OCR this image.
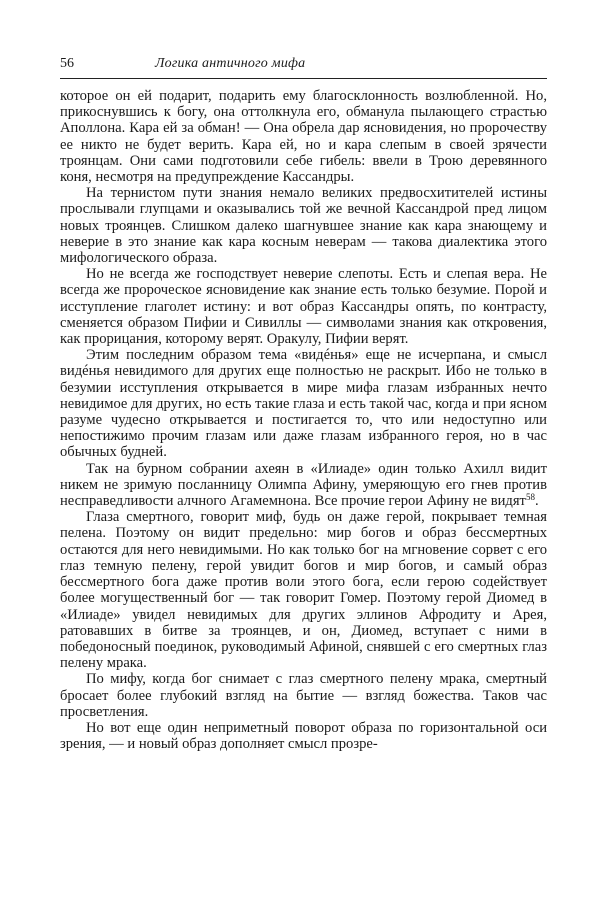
56	Логика античного мифа

которое он ей подарит, подарить ему благосклонность возлюбленной. Но, прикоснувшись к богу, она оттолкнула его, обманула пылающего страстью Аполлона. Кара ей за обман! — Она обрела дар ясновидения, но пророчеству ее никто не будет верить. Кара ей, но и кара слепым в своей зрячести троянцам. Они сами подготовили себе гибель: ввели в Трою деревянного коня, несмотря на предупреждение Кассандры.

На тернистом пути знания немало великих предвосхитителей истины прослывали глупцами и оказывались той же вечной Кассандрой пред лицом новых троянцев. Слишком далеко шагнувшее знание как кара знающему и неверие в это знание как кара косным неверам — такова диалектика этого мифологического образа.

Но не всегда же господствует неверие слепоты. Есть и слепая вера. Не всегда же пророческое ясновидение как знание есть только безумие. Порой и исступление глаголет истину: и вот образ Кассандры опять, по контрасту, сменяется образом Пифии и Сивиллы — символами знания как откровения, как прорицания, которому верят. Оракулу, Пифии верят.

Этим последним образом тема «видéнья» еще не исчерпана, и смысл видéнья невидимого для других еще полностью не раскрыт. Ибо не только в безумии исступления открывается в мире мифа глазам избранных нечто невидимое для других, но есть такие глаза и есть такой час, когда и при ясном разуме чудесно открывается и постигается то, что или недоступно или непостижимо прочим глазам или даже глазам избранного героя, но в час обычных будней.

Так на бурном собрании ахеян в «Илиаде» один только Ахилл видит никем не зримую посланницу Олимпа Афину, умеряющую его гнев против несправедливости алчного Агамемнона. Все прочие герои Афину не видят$^{58}$.

Глаза смертного, говорит миф, будь он даже герой, покрывает темная пелена. Поэтому он видит предельно: мир богов и образ бессмертных остаются для него невидимыми. Но как только бог на мгновение сорвет с его глаз темную пелену, герой увидит богов и мир богов, и самый образ бессмертного бога даже против воли этого бога, если герою содействует более могущественный бог — так говорит Гомер. Поэтому герой Диомед в «Илиаде» увидел невидимых для других эллинов Афродиту и Арея, ратовавших в битве за троянцев, и он, Диомед, вступает с ними в победоносный поединок, руководимый Афиной, снявшей с его смертных глаз пелену мрака.

По мифу, когда бог снимает с глаз смертного пелену мрака, смертный бросает более глубокий взгляд на бытие — взгляд божества. Таков час просветления.

Но вот еще один неприметный поворот образа по горизонтальной оси зрения, — и новый образ дополняет смысл прозре-
